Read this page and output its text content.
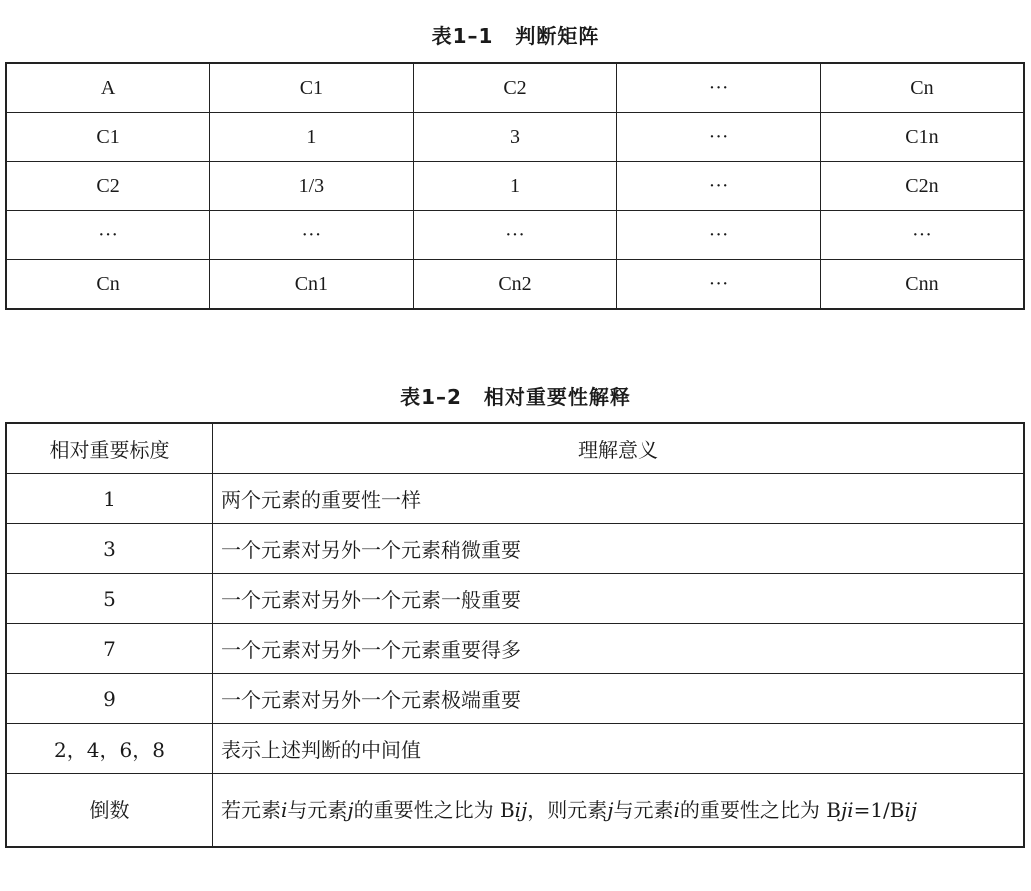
表1–1 判断矩阵
A	C1	C2	···	Cn
C1	1	3	···	C1n
C2	1/3	1	···	C2n
···	···	···	···	···
Cn	Cn1	Cn2	···	Cnn
表1–2 相对重要性解释
相对重要标度	理解意义
1	两个元素的重要性一样
3	一个元素对另外一个元素稍微重要
5	一个元素对另外一个元素一般重要
7	一个元素对另外一个元素重要得多
9	一个元素对另外一个元素极端重要
2，4，6，8	表示上述判断的中间值
倒数	若元素i与元素j的重要性之比为 Bij，则元素j与元素i的重要性之比为 Bji=1/Bij
